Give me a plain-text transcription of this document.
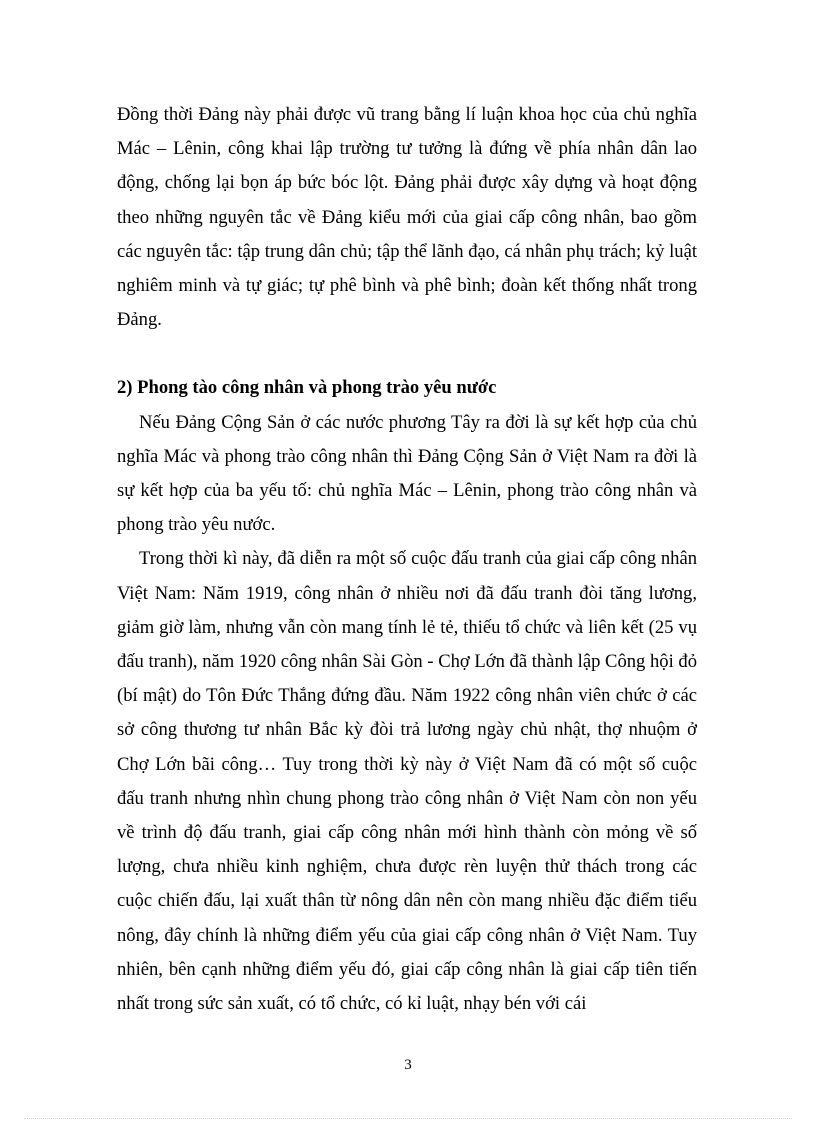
Đồng thời Đảng này phải được vũ trang bằng lí luận khoa học của chủ nghĩa Mác – Lênin, công khai lập trường tư tưởng là đứng về phía nhân dân lao động, chống lại bọn áp bức bóc lột. Đảng phải được xây dựng và hoạt động theo những nguyên tắc về Đảng kiểu mới của giai cấp công nhân, bao gồm các nguyên tắc: tập trung dân chủ; tập thể lãnh đạo, cá nhân phụ trách; kỷ luật nghiêm minh và tự giác; tự phê bình và phê bình; đoàn kết thống nhất trong Đảng.

2) Phong tào công nhân và phong trào yêu nước

Nếu Đảng Cộng Sản ở các nước phương Tây ra đời là sự kết hợp của chủ nghĩa Mác và phong trào công nhân thì Đảng Cộng Sản ở Việt Nam ra đời là sự kết hợp của ba yếu tố: chủ nghĩa Mác – Lênin, phong trào công nhân và phong trào yêu nước.

Trong thời kì này, đã diễn ra một số cuộc đấu tranh của giai cấp công nhân Việt Nam: Năm 1919, công nhân ở nhiều nơi đã đấu tranh đòi tăng lương, giảm giờ làm, nhưng vẫn còn mang tính lẻ tẻ, thiếu tổ chức và liên kết (25 vụ đấu tranh), năm 1920 công nhân Sài Gòn - Chợ Lớn đã thành lập Công hội đỏ (bí mật) do Tôn Đức Thắng đứng đầu. Năm 1922 công nhân viên chức ở các sở công thương tư nhân Bắc kỳ đòi trả lương ngày chủ nhật, thợ nhuộm ở Chợ Lớn bãi công… Tuy trong thời kỳ này ở Việt Nam đã có một số cuộc đấu tranh nhưng nhìn chung phong trào công nhân ở Việt Nam còn non yếu về trình độ đấu tranh, giai cấp công nhân mới hình thành còn mỏng về số lượng, chưa nhiều kinh nghiệm, chưa được rèn luyện thử thách trong các cuộc chiến đấu, lại xuất thân từ nông dân nên còn mang nhiều đặc điểm tiểu nông, đây chính là những điểm yếu của giai cấp công nhân ở Việt Nam. Tuy nhiên, bên cạnh những điểm yếu đó, giai cấp công nhân là giai cấp tiên tiến nhất trong sức sản xuất, có tổ chức, có kỉ luật, nhạy bén với cái

3
